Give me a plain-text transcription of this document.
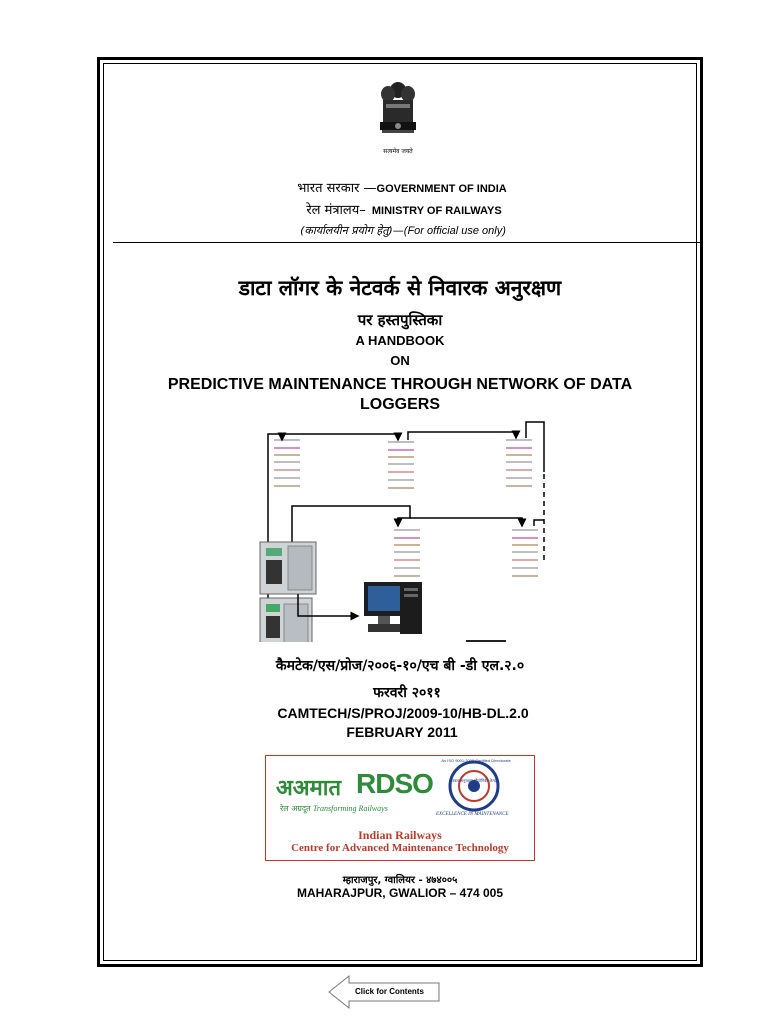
सत्यमेव जयते
भारत सरकार —GOVERNMENT OF INDIA
रेल मंत्रालय– MINISTRY OF RAILWAYS
(कार्यालयीन प्रयोग हेतु)—(For official use only)
डाटा लॉगर के नेटवर्क से निवारक अनुरक्षण
पर हस्तपुस्तिका
A HANDBOOK
ON
PREDICTIVE MAINTENANCE THROUGH NETWORK OF DATA
LOGGERS
कैमटेक/एस/प्रोज/२००६-१०/एच बी -डी एल.२.०
फरवरी २०११
CAMTECH/S/PROJ/2009-10/HB-DL.2.0
FEBRUARY 2011
अअमात RDSO
रेल अग्रदूत Transforming Railways
An ISO 9001:2008 Certified Directorate
उन्नत अनुरक्षण प्रौद्योगिकी केन्द्र
EXCELLENCE IN MAINTENANCE
Indian Railways
Centre for Advanced Maintenance Technology
म्हाराजपुर, ग्वालियर - ४७४००५
MAHARAJPUR, GWALIOR – 474 005
Click for Contents
